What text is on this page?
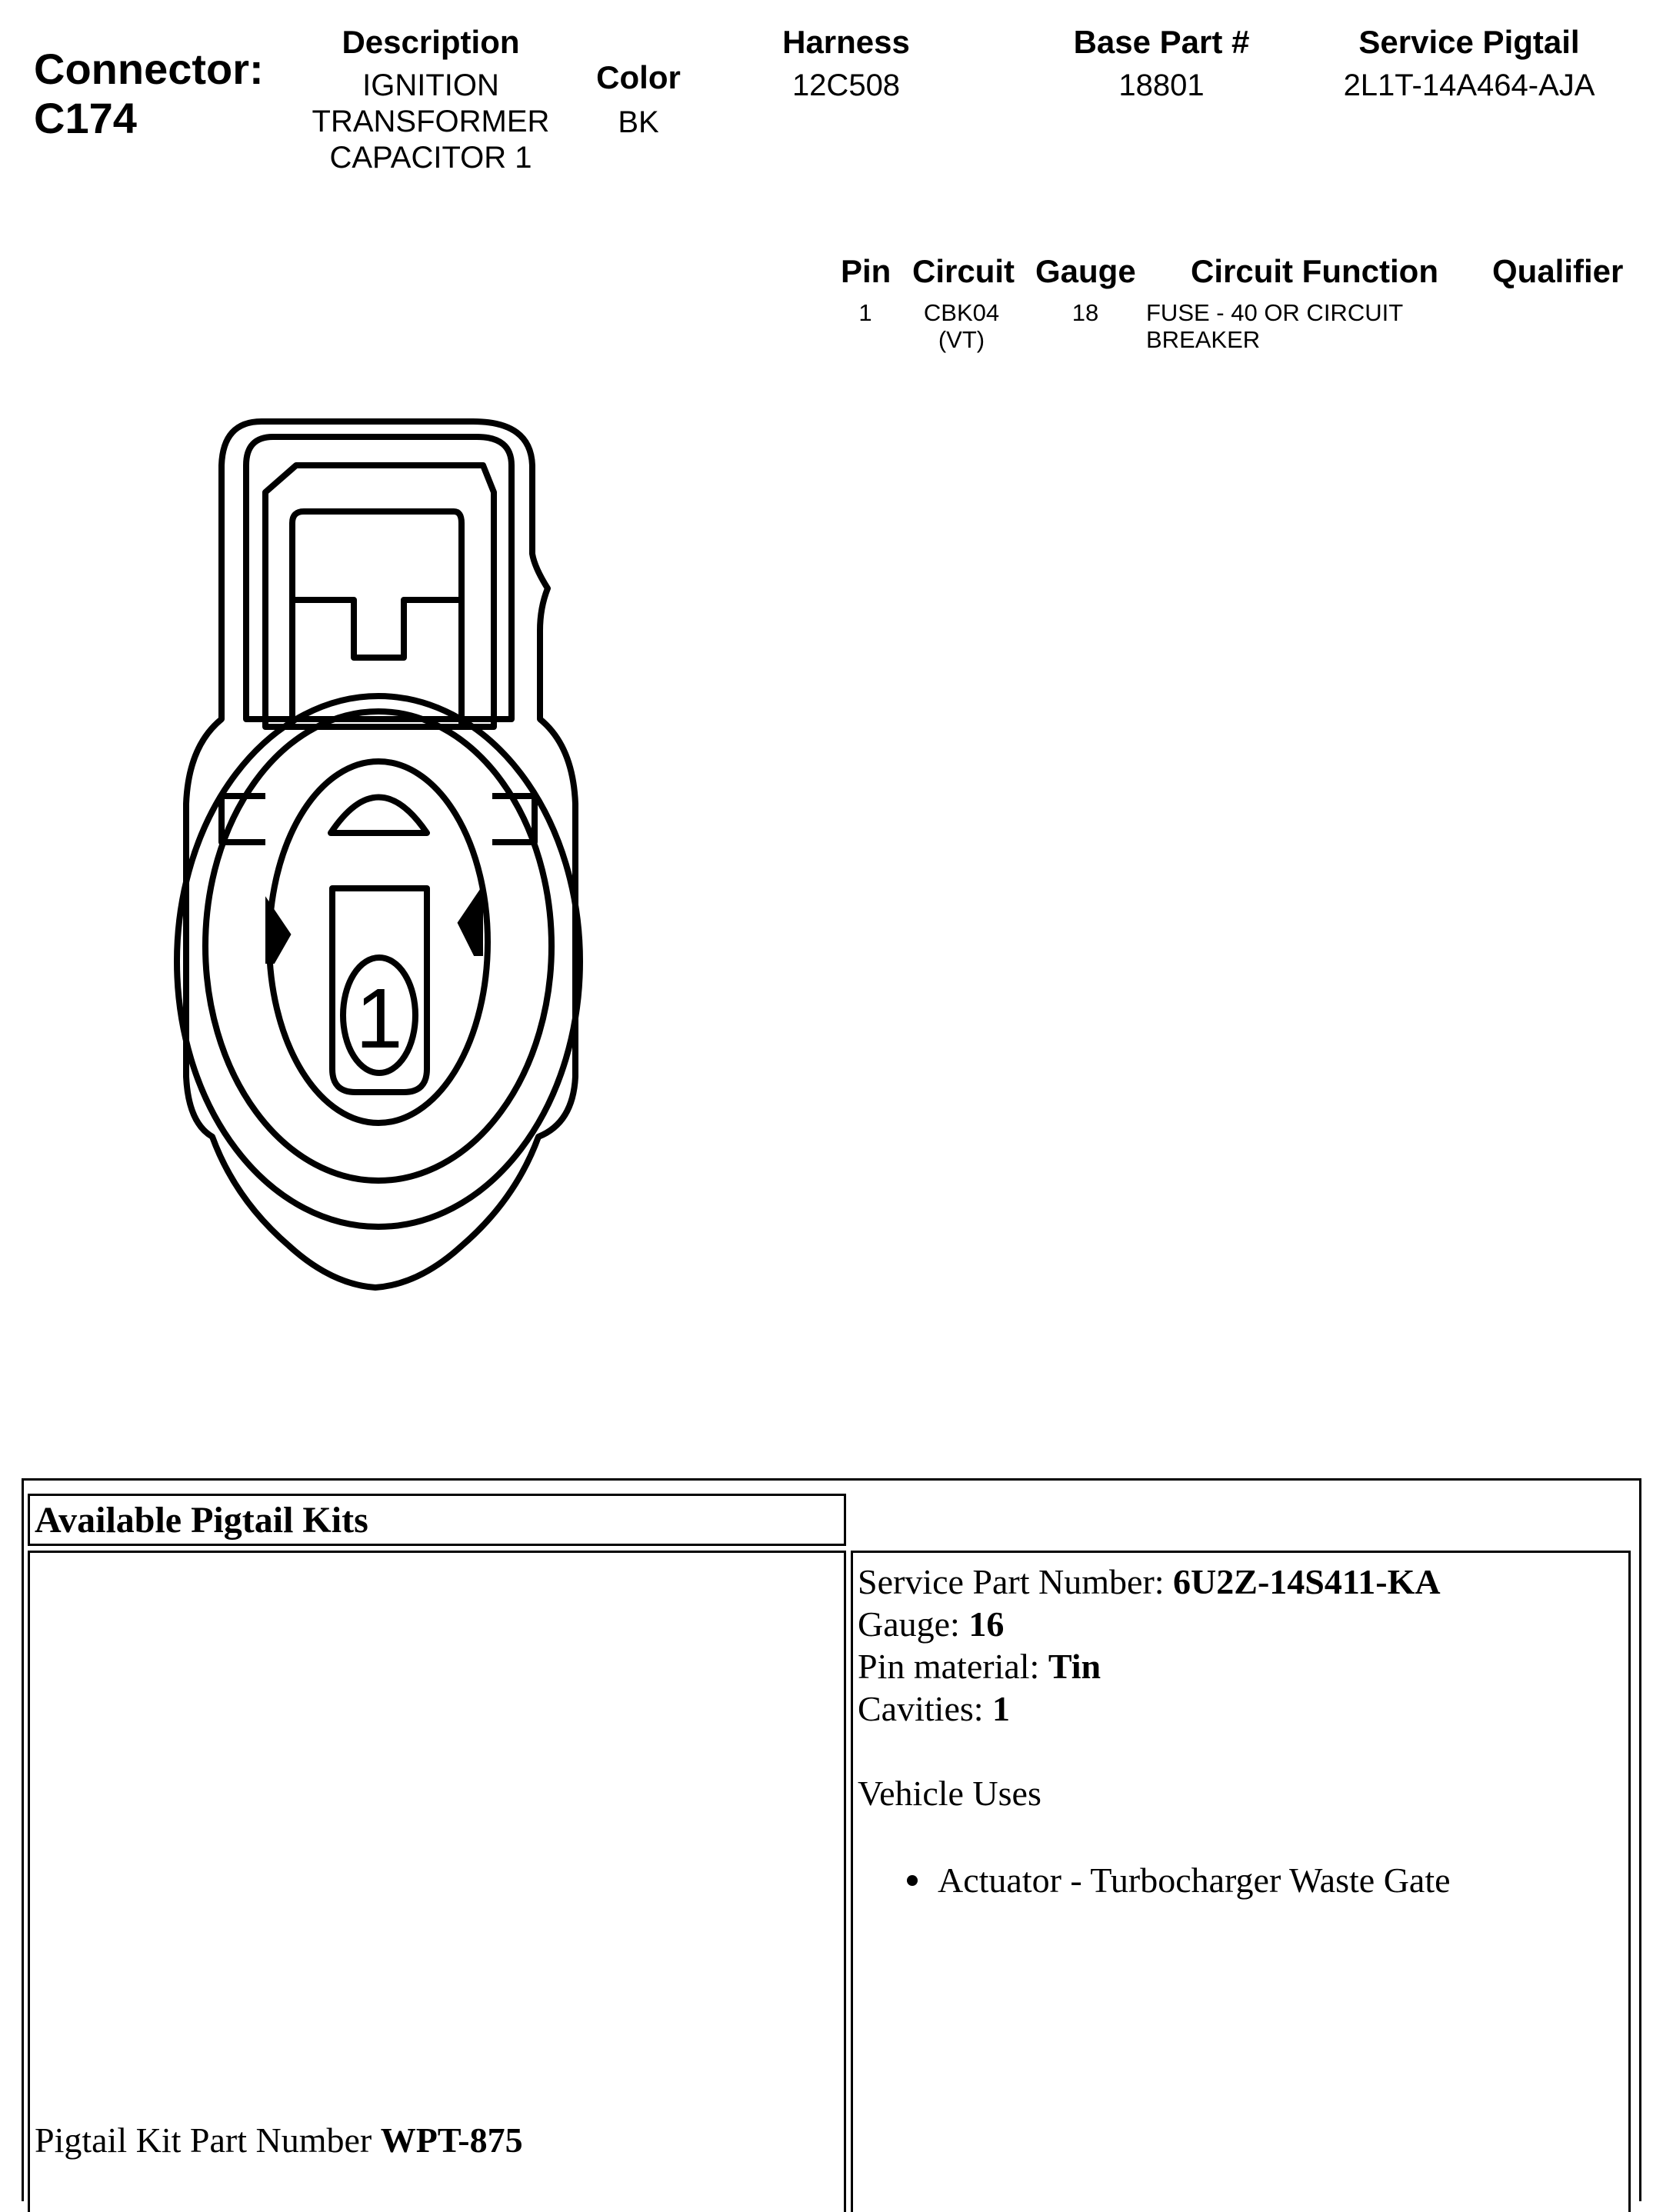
Connector:
C174
Description
IGNITION
TRANSFORMER
CAPACITOR 1
Color
BK
Harness
12C508
Base Part #
18801
Service Pigtail
2L1T-14A464-AJA
Pin Circuit Gauge Circuit Function Qualifier
1	CBK04
(VT)
18	FUSE - 40 OR CIRCUIT
BREAKER
1
Available Pigtail Kits
Pigtail Kit Part Number WPT-875
Service Part Number: 6U2Z-14S411-KA
Gauge: 16
Pin material: Tin
Cavities: 1
Vehicle Uses
Actuator - Turbocharger Waste Gate
